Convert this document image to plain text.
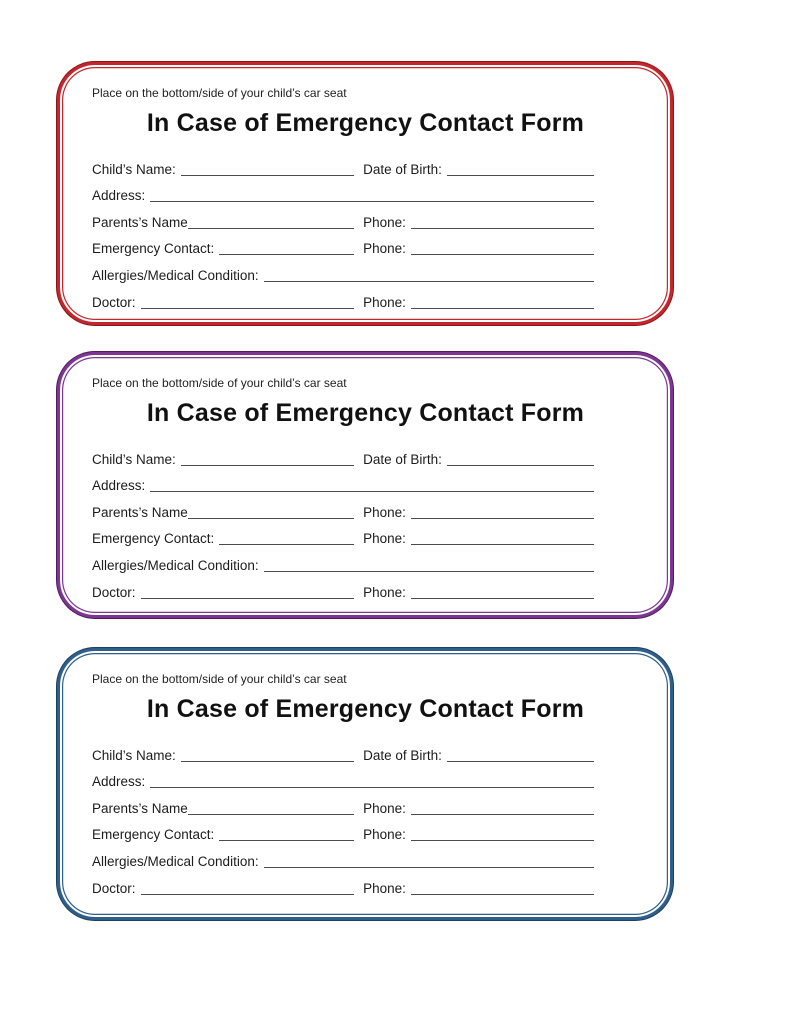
Place on the bottom/side of your child’s car seat
In Case of Emergency Contact Form
Child’s Name:	Date of Birth:
Address:
Parents’s Name	Phone:
Emergency Contact:	Phone:
Allergies/Medical Condition:
Doctor:	Phone:
Place on the bottom/side of your child’s car seat
In Case of Emergency Contact Form
Child’s Name:	Date of Birth:
Address:
Parents’s Name	Phone:
Emergency Contact:	Phone:
Allergies/Medical Condition:
Doctor:	Phone:
Place on the bottom/side of your child’s car seat
In Case of Emergency Contact Form
Child’s Name:	Date of Birth:
Address:
Parents’s Name	Phone:
Emergency Contact:	Phone:
Allergies/Medical Condition:
Doctor:	Phone:
